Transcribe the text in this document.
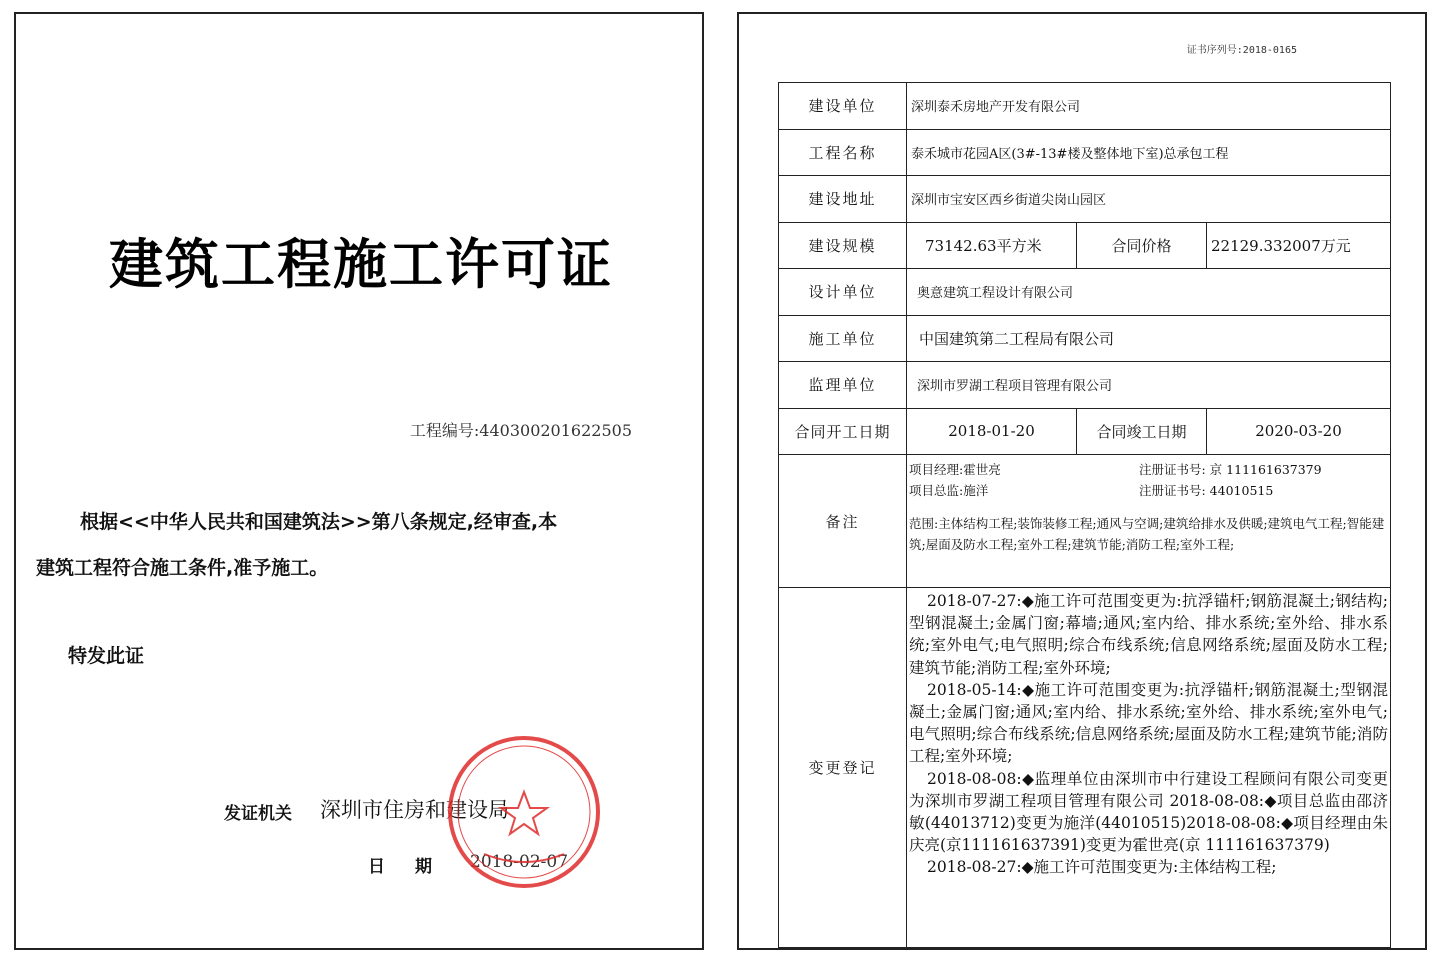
建筑工程施工许可证
工程编号:440300201622505
根据<<中华人民共和国建筑法>>第八条规定,经审查,本
建筑工程符合施工条件,准予施工。
特发此证
发证机关 深圳市住房和建设局
日期 2018-02-07
证书序列号:2018-0165
建设单位	深圳泰禾房地产开发有限公司
工程名称	泰禾城市花园A区(3#-13#楼及整体地下室)总承包工程
建设地址	深圳市宝安区西乡街道尖岗山园区
建设规模	73142.63平方米	合同价格	22129.332007万元
设计单位	奥意建筑工程设计有限公司
施工单位	中国建筑第二工程局有限公司
监理单位	深圳市罗湖工程项目管理有限公司
合同开工日期	2018-01-20	合同竣工日期	2020-03-20
备注
项目经理:霍世亮	注册证书号: 京 111161637379
项目总监:施洋	注册证书号: 44010515
范围:主体结构工程;装饰装修工程;通风与空调;建筑给排水及供暖;建筑电气工程;智能建筑;屋面及防水工程;室外工程;建筑节能;消防工程;室外工程;
变更登记

2018-07-27:◆施工许可范围变更为:抗浮锚杆;钢筋混凝土;钢结构;型钢混凝土;金属门窗;幕墙;通风;室内给、排水系统;室外给、排水系统;室外电气;电气照明;综合布线系统;信息网络系统;屋面及防水工程;建筑节能;消防工程;室外环境;

2018-05-14:◆施工许可范围变更为:抗浮锚杆;钢筋混凝土;型钢混凝土;金属门窗;通风;室内给、排水系统;室外给、排水系统;室外电气;电气照明;综合布线系统;信息网络系统;屋面及防水工程;建筑节能;消防工程;室外环境;

2018-08-08:◆监理单位由深圳市中行建设工程顾问有限公司变更为深圳市罗湖工程项目管理有限公司 2018-08-08:◆项目总监由邵济敏(44013712)变更为施洋(44010515)2018-08-08:◆项目经理由朱庆亮(京111161637391)变更为霍世亮(京 111161637379)

2018-08-27:◆施工许可范围变更为:主体结构工程;
